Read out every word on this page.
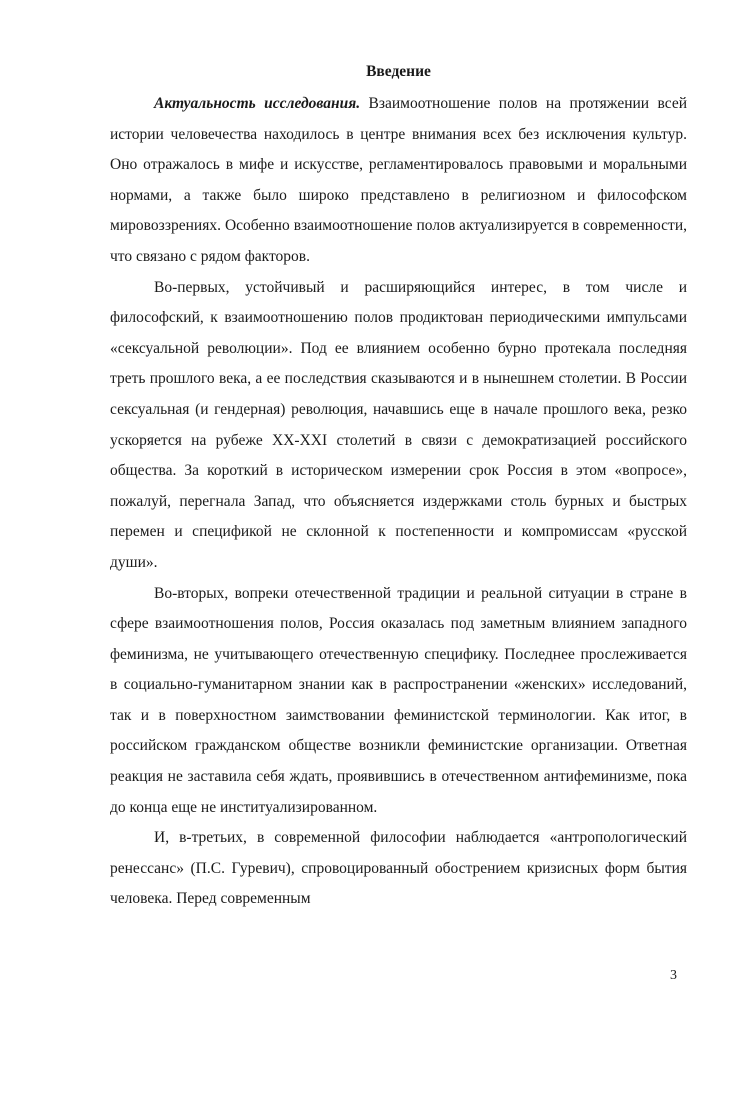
Введение

Актуальность исследования. Взаимоотношение полов на протяжении всей истории человечества находилось в центре внимания всех без исключения культур. Оно отражалось в мифе и искусстве, регламентировалось правовыми и моральными нормами, а также было широко представлено в религиозном и философском мировоззрениях. Особенно взаимоотношение полов актуализируется в современности, что связано с рядом факторов.

Во-первых, устойчивый и расширяющийся интерес, в том числе и философский, к взаимоотношению полов продиктован периодическими импульсами «сексуальной революции». Под ее влиянием особенно бурно протекала последняя треть прошлого века, а ее последствия сказываются и в нынешнем столетии. В России сексуальная (и гендерная) революция, начавшись еще в начале прошлого века, резко ускоряется на рубеже XX-XXI столетий в связи с демократизацией российского общества. За короткий в историческом измерении срок Россия в этом «вопросе», пожалуй, перегнала Запад, что объясняется издержками столь бурных и быстрых перемен и спецификой не склонной к постепенности и компромиссам «русской души».

Во-вторых, вопреки отечественной традиции и реальной ситуации в стране в сфере взаимоотношения полов, Россия оказалась под заметным влиянием западного феминизма, не учитывающего отечественную специфику. Последнее прослеживается в социально-гуманитарном знании как в распространении «женских» исследований, так и в поверхностном заимствовании феминистской терминологии. Как итог, в российском гражданском обществе возникли феминистские организации. Ответная реакция не заставила себя ждать, проявившись в отечественном антифеминизме, пока до конца еще не институализированном.

И, в-третьих, в современной философии наблюдается «антропологический ренессанс» (П.С. Гуревич), спровоцированный обострением кризисных форм бытия человека. Перед современным

3
